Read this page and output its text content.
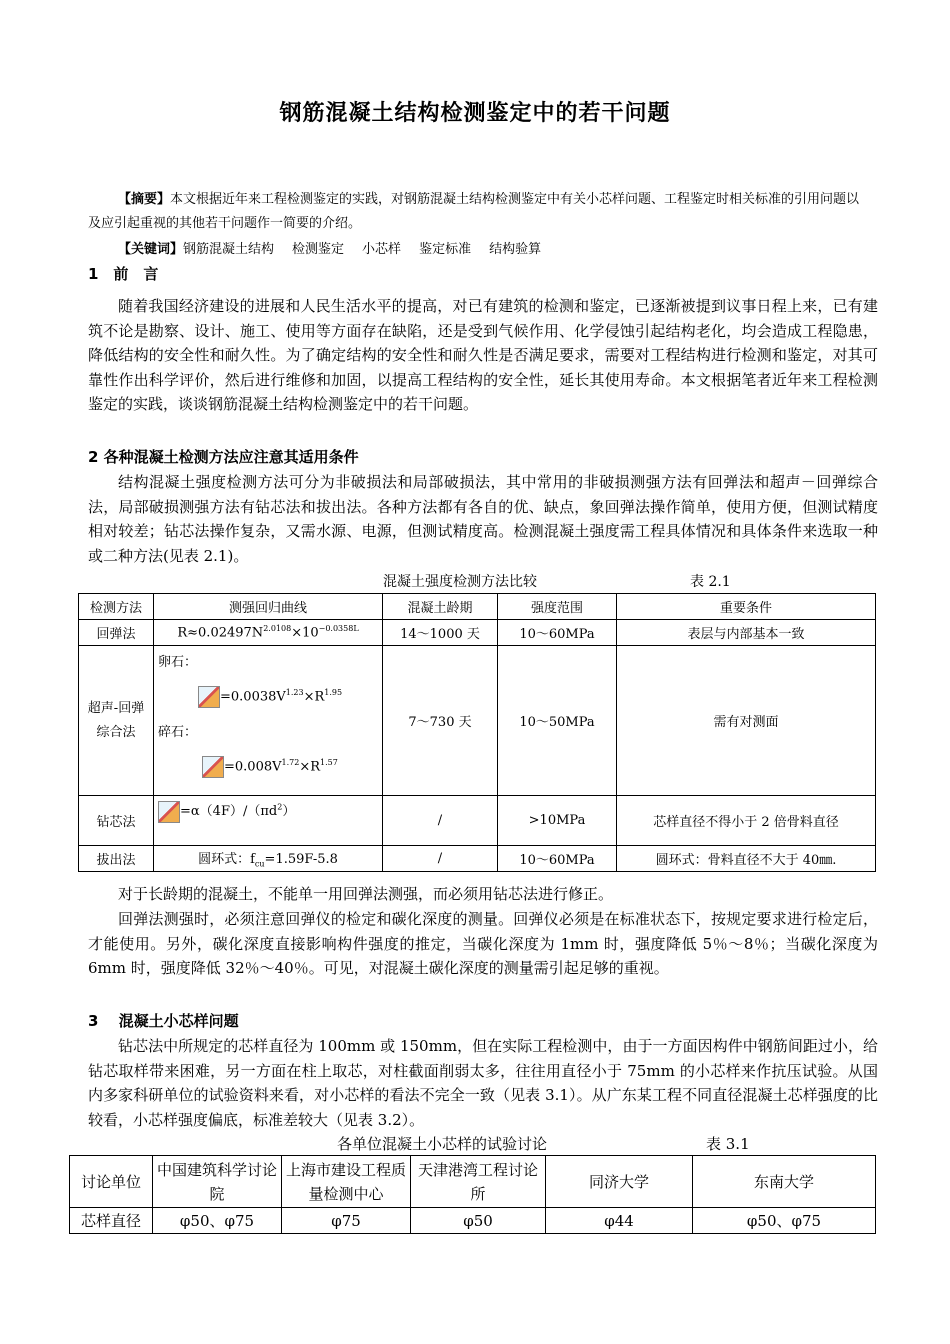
钢筋混凝土结构检测鉴定中的若干问题
【摘要】本文根据近年来工程检测鉴定的实践，对钢筋混凝土结构检测鉴定中有关小芯样问题、工程鉴定时相关标准的引用问题以及应引起重视的其他若干问题作一简要的介绍。
【关键词】钢筋混凝土结构 检测鉴定 小芯样 鉴定标准 结构验算
1　前　言
随着我国经济建设的进展和人民生活水平的提高，对已有建筑的检测和鉴定，已逐渐被提到议事日程上来，已有建筑不论是勘察、设计、施工、使用等方面存在缺陷，还是受到气候作用、化学侵蚀引起结构老化，均会造成工程隐患，降低结构的安全性和耐久性。为了确定结构的安全性和耐久性是否满足要求，需要对工程结构进行检测和鉴定，对其可靠性作出科学评价，然后进行维修和加固，以提高工程结构的安全性，延长其使用寿命。本文根据笔者近年来工程检测鉴定的实践，谈谈钢筋混凝土结构检测鉴定中的若干问题。
2 各种混凝土检测方法应注意其适用条件
结构混凝土强度检测方法可分为非破损法和局部破损法，其中常用的非破损测强方法有回弹法和超声－回弹综合法，局部破损测强方法有钻芯法和拔出法。各种方法都有各自的优、缺点，象回弹法操作简单，使用方便，但测试精度相对较差；钻芯法操作复杂，又需水源、电源，但测试精度高。检测混凝土强度需工程具体情况和具体条件来选取一种或二种方法(见表 2.1)。
混凝土强度检测方法比较	表 2.1
检测方法	测强回归曲线	混凝土龄期	强度范围	重要条件
回弹法	$R\approx 0.02497N^{2.0108}\times 10^{-0.0358L}$	14～1000 天	10～60MPa	表层与内部基本一致
超声-回弹综合法	卵石：
$=0.0038V^{1.23}\times R^{1.95}$
碎石：
$=0.008V^{1.72}\times R^{1.57}$	7～730 天	10～50MPa	需有对测面
钻芯法	$=\alpha(4F)/(\pi d^2)$	/	>10MPa	芯样直径不得小于 2 倍骨料直径
拔出法	圆环式：$f_{cu}=1.59F-5.8$	/	10～60MPa	圆环式：骨料直径不大于 40㎜.
对于长龄期的混凝土，不能单一用回弹法测强，而必须用钻芯法进行修正。
回弹法测强时，必须注意回弹仪的检定和碳化深度的测量。回弹仪必须是在标准状态下，按规定要求进行检定后，才能使用。另外，碳化深度直接影响构件强度的推定，当碳化深度为 1mm 时，强度降低 5％～8％；当碳化深度为 6mm 时，强度降低 32％～40％。可见，对混凝土碳化深度的测量需引起足够的重视。
3　 混凝土小芯样问题
钻芯法中所规定的芯样直径为 100mm 或 150mm，但在实际工程检测中，由于一方面因构件中钢筋间距过小，给钻芯取样带来困难，另一方面在柱上取芯，对柱截面削弱太多，往往用直径小于 75mm 的小芯样来作抗压试验。从国内多家科研单位的试验资料来看，对小芯样的看法不完全一致（见表 3.1）。从广东某工程不同直径混凝土芯样强度的比较看，小芯样强度偏底，标准差较大（见表 3.2）。
各单位混凝土小芯样的试验讨论	表 3.1
讨论单位	中国建筑科学讨论院	上海市建设工程质量检测中心	天津港湾工程讨论所	同济大学	东南大学
芯样直径	φ50、φ75	φ75	φ50	φ44	φ50、φ75
